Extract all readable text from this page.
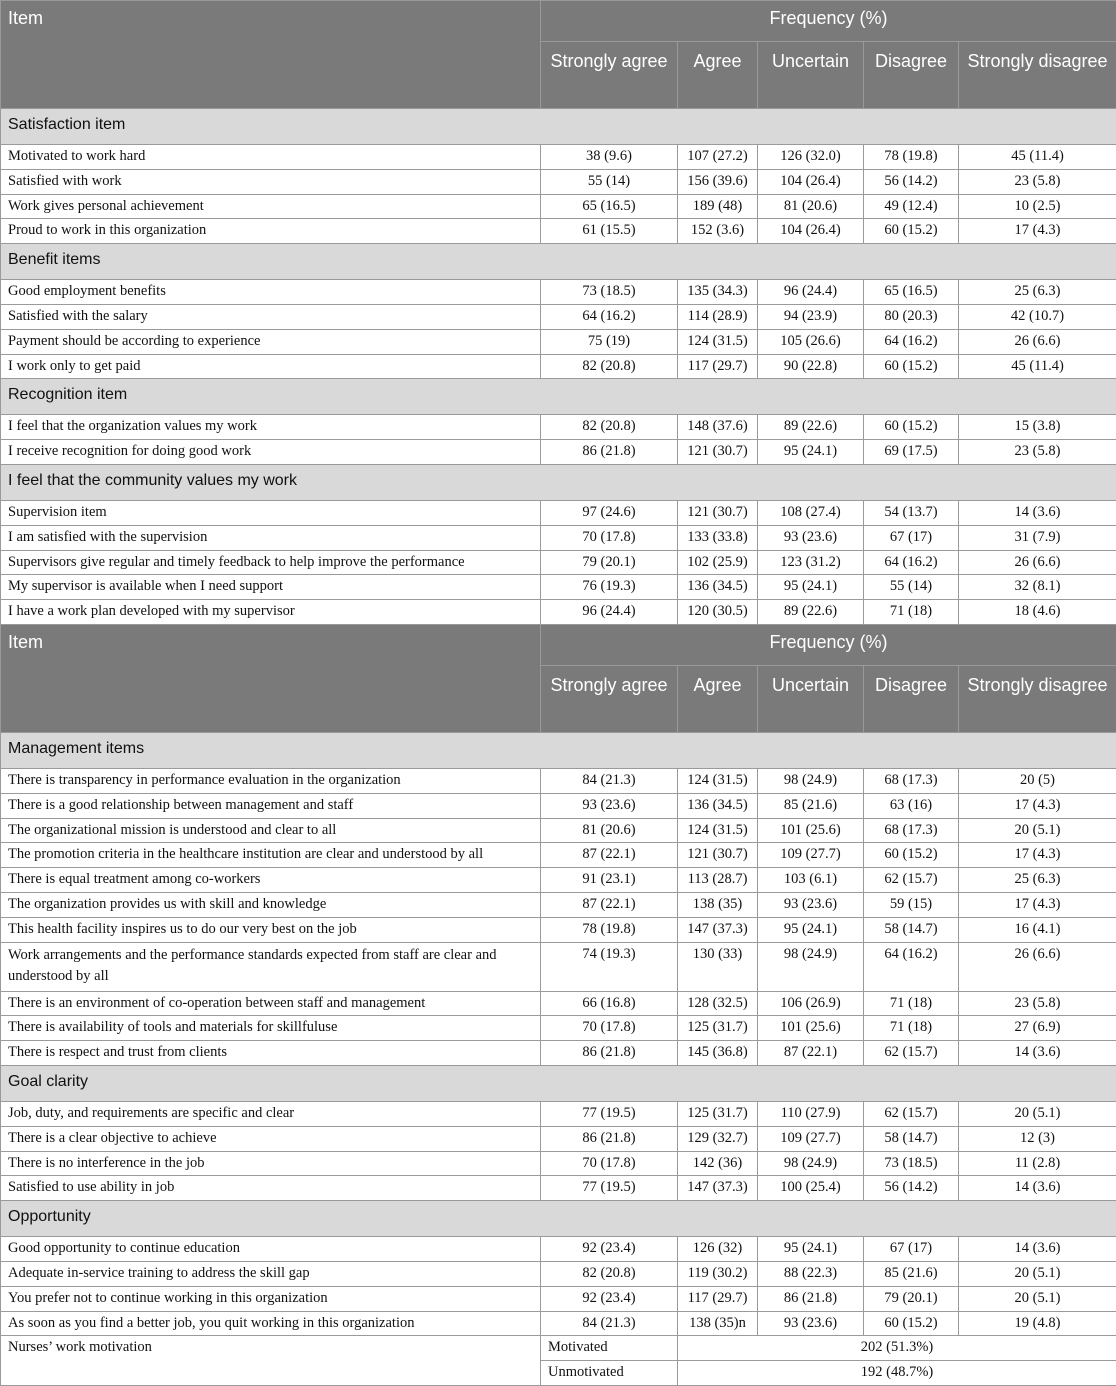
Item	Frequency (%)				
	Strongly agree	Agree	Uncertain	Disagree	Strongly disagree
Satisfaction item					
Motivated to work hard	38 (9.6)	107 (27.2)	126 (32.0)	78 (19.8)	45 (11.4)
Satisfied with work	55 (14)	156 (39.6)	104 (26.4)	56 (14.2)	23 (5.8)
Work gives personal achievement	65 (16.5)	189 (48)	81 (20.6)	49 (12.4)	10 (2.5)
Proud to work in this organization	61 (15.5)	152 (3.6)	104 (26.4)	60 (15.2)	17 (4.3)
Benefit items					
Good employment benefits	73 (18.5)	135 (34.3)	96 (24.4)	65 (16.5)	25 (6.3)
Satisfied with the salary	64 (16.2)	114 (28.9)	94 (23.9)	80 (20.3)	42 (10.7)
Payment should be according to experience	75 (19)	124 (31.5)	105 (26.6)	64 (16.2)	26 (6.6)
I work only to get paid	82 (20.8)	117 (29.7)	90 (22.8)	60 (15.2)	45 (11.4)
Recognition item					
I feel that the organization values my work	82 (20.8)	148 (37.6)	89 (22.6)	60 (15.2)	15 (3.8)
I receive recognition for doing good work	86 (21.8)	121 (30.7)	95 (24.1)	69 (17.5)	23 (5.8)
I feel that the community values my work					
Supervision item	97 (24.6)	121 (30.7)	108 (27.4)	54 (13.7)	14 (3.6)
I am satisfied with the supervision	70 (17.8)	133 (33.8)	93 (23.6)	67 (17)	31 (7.9)
Supervisors give regular and timely feedback to help improve the performance	79 (20.1)	102 (25.9)	123 (31.2)	64 (16.2)	26 (6.6)
My supervisor is available when I need support	76 (19.3)	136 (34.5)	95 (24.1)	55 (14)	32 (8.1)
I have a work plan developed with my supervisor	96 (24.4)	120 (30.5)	89 (22.6)	71 (18)	18 (4.6)
Item	Frequency (%)				
	Strongly agree	Agree	Uncertain	Disagree	Strongly disagree
Management items					
There is transparency in performance evaluation in the organization	84 (21.3)	124 (31.5)	98 (24.9)	68 (17.3)	20 (5)
There is a good relationship between management and staff	93 (23.6)	136 (34.5)	85 (21.6)	63 (16)	17 (4.3)
The organizational mission is understood and clear to all	81 (20.6)	124 (31.5)	101 (25.6)	68 (17.3)	20 (5.1)
The promotion criteria in the healthcare institution are clear and understood by all	87 (22.1)	121 (30.7)	109 (27.7)	60 (15.2)	17 (4.3)
There is equal treatment among co-workers	91 (23.1)	113 (28.7)	103 (6.1)	62 (15.7)	25 (6.3)
The organization provides us with skill and knowledge	87 (22.1)	138 (35)	93 (23.6)	59 (15)	17 (4.3)
This health facility inspires us to do our very best on the job	78 (19.8)	147 (37.3)	95 (24.1)	58 (14.7)	16 (4.1)
Work arrangements and the performance standards expected from staff are clear and understood by all	74 (19.3)	130 (33)	98 (24.9)	64 (16.2)	26 (6.6)
There is an environment of co-operation between staff and management	66 (16.8)	128 (32.5)	106 (26.9)	71 (18)	23 (5.8)
There is availability of tools and materials for skillfuluse	70 (17.8)	125 (31.7)	101 (25.6)	71 (18)	27 (6.9)
There is respect and trust from clients	86 (21.8)	145 (36.8)	87 (22.1)	62 (15.7)	14 (3.6)
Goal clarity					
Job, duty, and requirements are specific and clear	77 (19.5)	125 (31.7)	110 (27.9)	62 (15.7)	20 (5.1)
There is a clear objective to achieve	86 (21.8)	129 (32.7)	109 (27.7)	58 (14.7)	12 (3)
There is no interference in the job	70 (17.8)	142 (36)	98 (24.9)	73 (18.5)	11 (2.8)
Satisfied to use ability in job	77 (19.5)	147 (37.3)	100 (25.4)	56 (14.2)	14 (3.6)
Opportunity					
Good opportunity to continue education	92 (23.4)	126 (32)	95 (24.1)	67 (17)	14 (3.6)
Adequate in-service training to address the skill gap	82 (20.8)	119 (30.2)	88 (22.3)	85 (21.6)	20 (5.1)
You prefer not to continue working in this organization	92 (23.4)	117 (29.7)	86 (21.8)	79 (20.1)	20 (5.1)
As soon as you find a better job, you quit working in this organization	84 (21.3)	138 (35)n	93 (23.6)	60 (15.2)	19 (4.8)
Nurses’ work motivation	Motivated	202 (51.3%)			
	Unmotivated	192 (48.7%)			
